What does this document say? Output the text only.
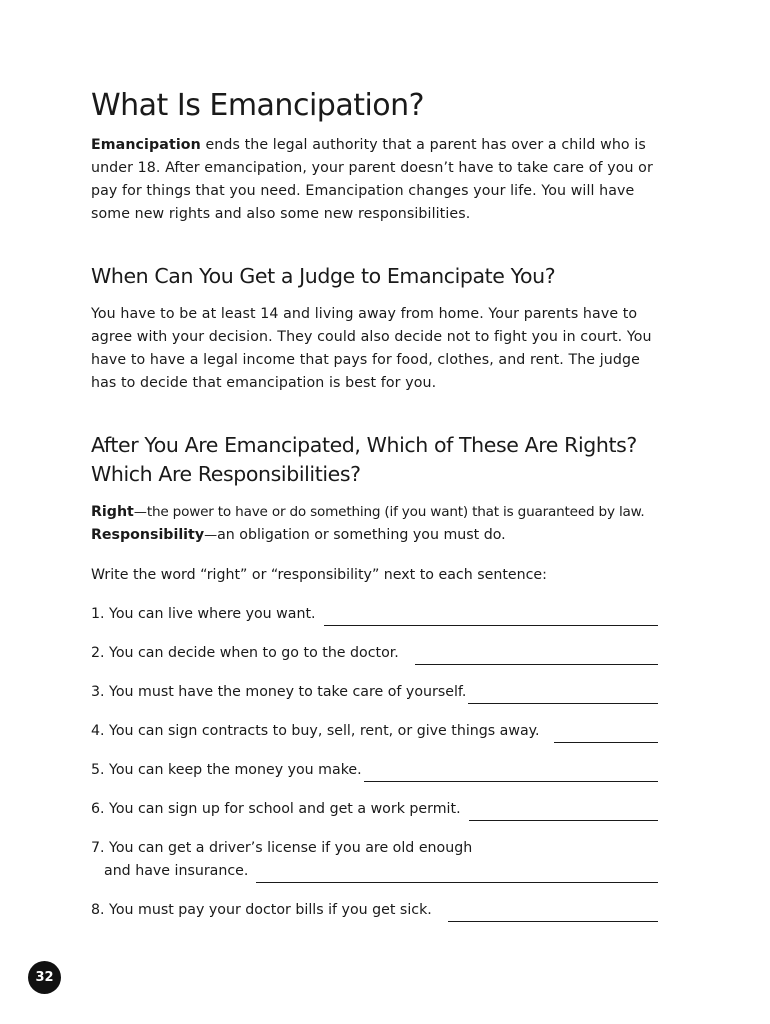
What Is Emancipation?

Emancipation ends the legal authority that a parent has over a child who is under 18. After emancipation, your parent doesn’t have to take care of you or pay for things that you need. Emancipation changes your life. You will have some new rights and also some new responsibilities.

When Can You Get a Judge to Emancipate You?

You have to be at least 14 and living away from home. Your parents have to agree with your decision. They could also decide not to fight you in court. You have to have a legal income that pays for food, clothes, and rent. The judge has to decide that emancipation is best for you.

After You Are Emancipated, Which of These Are Rights?
Which Are Responsibilities?

Right—the power to have or do something (if you want) that is guaranteed by law.

Responsibility—an obligation or something you must do.

Write the word “right” or “responsibility” next to each sentence:

1. You can live where you want.
2. You can decide when to go to the doctor.
3. You must have the money to take care of yourself.
4. You can sign contracts to buy, sell, rent, or give things away.
5. You can keep the money you make.
6. You can sign up for school and get a work permit.
7. You can get a driver’s license if you are old enough
and have insurance.
8. You must pay your doctor bills if you get sick.
32
